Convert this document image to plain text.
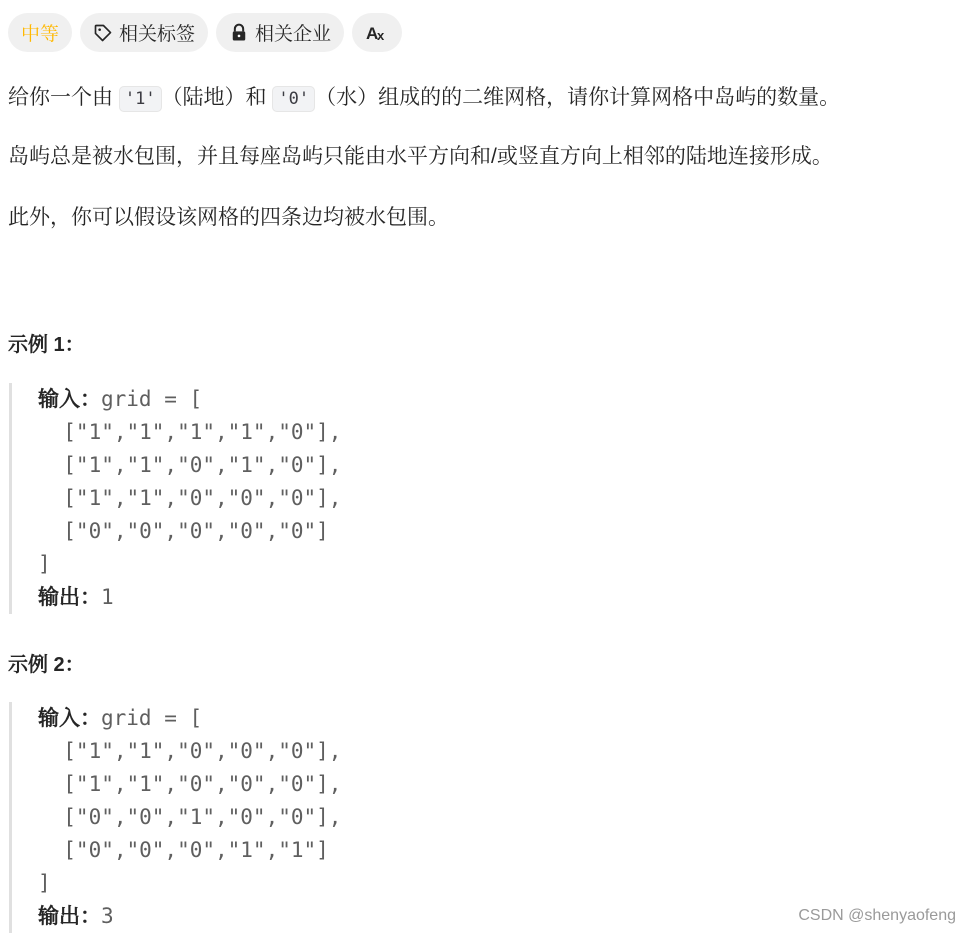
中等	相关标签	相关企业 A
x
给你一个由 '1' （陆地）和 '0' （水）组成的的二维网格，请你计算网格中岛屿的数量。
岛屿总是被水包围，并且每座岛屿只能由水平方向和/或竖直方向上相邻的陆地连接形成。
此外，你可以假设该网格的四条边均被水包围。
示例 1：
输入：grid = [
["1","1","1","1","0"],
["1","1","0","1","0"],
["1","1","0","0","0"],
["0","0","0","0","0"]
]
输出：1
示例 2：
输入：grid = [
["1","1","0","0","0"],
["1","1","0","0","0"],
["0","0","1","0","0"],
["0","0","0","1","1"]
]
输出：3	CSDN @shenyaofeng
